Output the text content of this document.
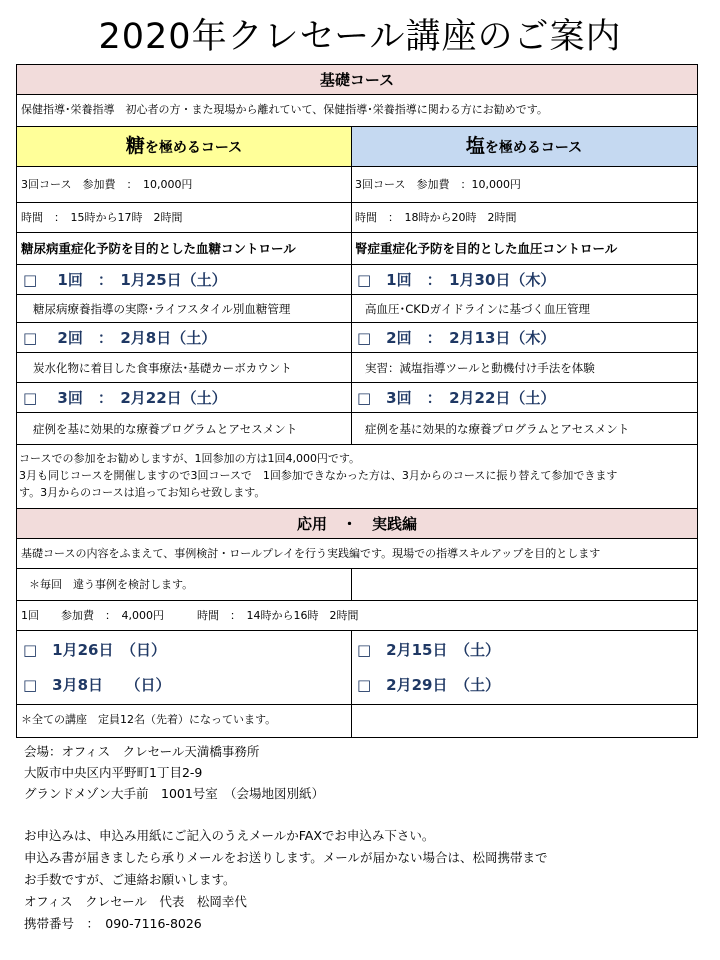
2020年クレセール講座のご案内
基礎コース
保健指導･栄養指導　初心者の方・また現場から離れていて、保健指導･栄養指導に関わる方にお勧めです。
糖を極めるコース	塩を極めるコース
3回コース　参加費　：　10,000円	3回コース　参加費　：10,000円
時間　：　15時から17時　2時間	時間　：　18時から20時　2時間
糖尿病重症化予防を目的とした血糖コントロール	腎症重症化予防を目的とした血圧コントロール
□　 1回　：　1月25日（土）	□　1回　：　1月30日（木）
糖尿病療養指導の実際･ライフスタイル別血糖管理	高血圧･CKDガイドラインに基づく血圧管理
□　 2回　：　2月8日（土）	□　2回　：　2月13日（木）
炭水化物に着目した食事療法･基礎カーボカウント	実習：減塩指導ツールと動機付け手法を体験
□　 3回　：　2月22日（土）	□　3回　：　2月22日（土）
症例を基に効果的な療養プログラムとアセスメント	症例を基に効果的な療養プログラムとアセスメント
コースでの参加をお勧めしますが、1回参加の方は1回4,000円です。
3月も同じコースを開催しますので3回コースで　1回参加できなかった方は、3月からのコースに振り替えて参加できます
す。3月からのコースは追ってお知らせ致します。
応用　・　実践編
基礎コースの内容をふまえて、事例検討・ロールプレイを行う実践編です。現場での指導スキルアップを目的とします
＊毎回　違う事例を検討します。
1回　　参加費　：　4,000円　　　時間　：　14時から16時　2時間
□　1月26日　（日）	□　2月15日　（土）
□　3月8日　　（日）	□　2月29日　（土）
＊全ての講座　定員12名（先着）になっています。
会場：オフィス　クレセール天満橋事務所
大阪市中央区内平野町1丁目2-9
グランドメゾン大手前　1001号室　（会場地図別紙）
お申込みは、申込み用紙にご記入のうえメールかFAXでお申込み下さい。
申込み書が届きましたら承りメールをお送りします。メールが届かない場合は、松岡携帯まで
お手数ですが、ご連絡お願いします。
オフィス　クレセール　代表　松岡幸代
携帯番号　：　090-7116-8026
